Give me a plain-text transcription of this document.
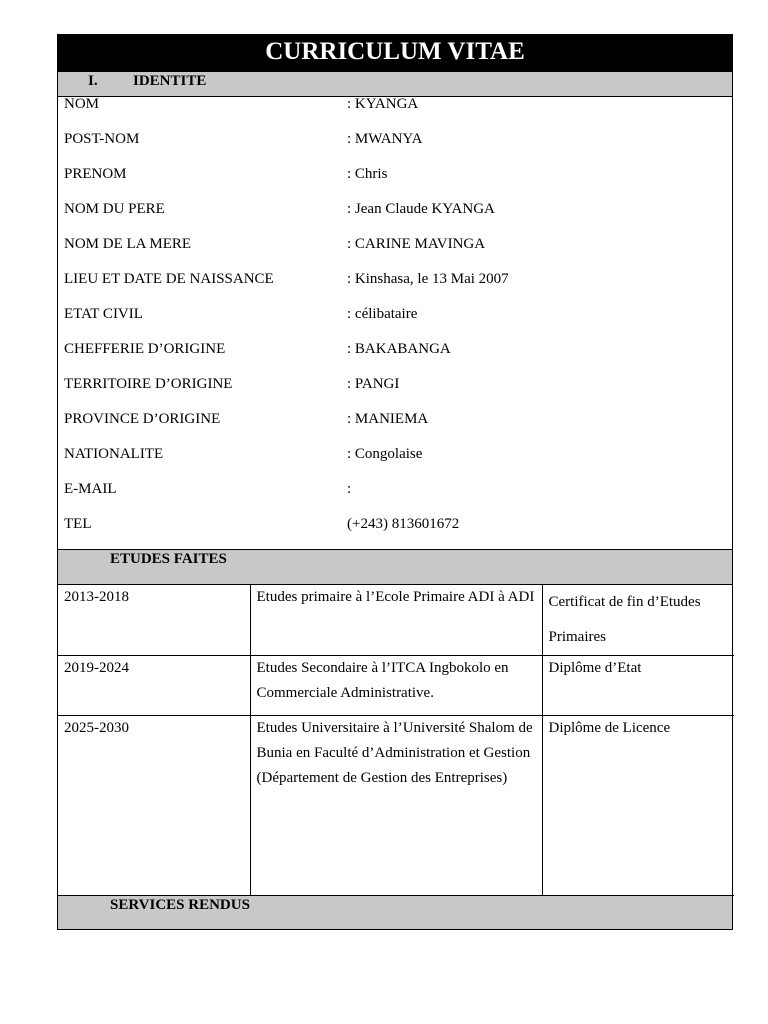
CURRICULUM VITAE
I. IDENTITE
NOM	: KYANGA
POST-NOM	: MWANYA
PRENOM	: Chris
NOM DU PERE	: Jean Claude KYANGA
NOM DE LA MERE	: CARINE MAVINGA
LIEU ET DATE DE NAISSANCE	: Kinshasa, le 13 Mai 2007
ETAT CIVIL	: célibataire
CHEFFERIE D’ORIGINE	: BAKABANGA
TERRITOIRE D’ORIGINE	: PANGI
PROVINCE D’ORIGINE	: MANIEMA
NATIONALITE	: Congolaise
E-MAIL	:
TEL	(+243) 813601672
ETUDES FAITES
2013-2018	Etudes primaire à l’Ecole Primaire ADI à ADI	Certificat de fin d’Etudes Primaires
2019-2024	Etudes Secondaire à l’ITCA Ingbokolo en Commerciale Administrative.	Diplôme d’Etat
2025-2030	Etudes Universitaire à l’Université Shalom de Bunia en Faculté d’Administration et Gestion (Département de Gestion des Entreprises)	Diplôme de Licence
SERVICES RENDUS
